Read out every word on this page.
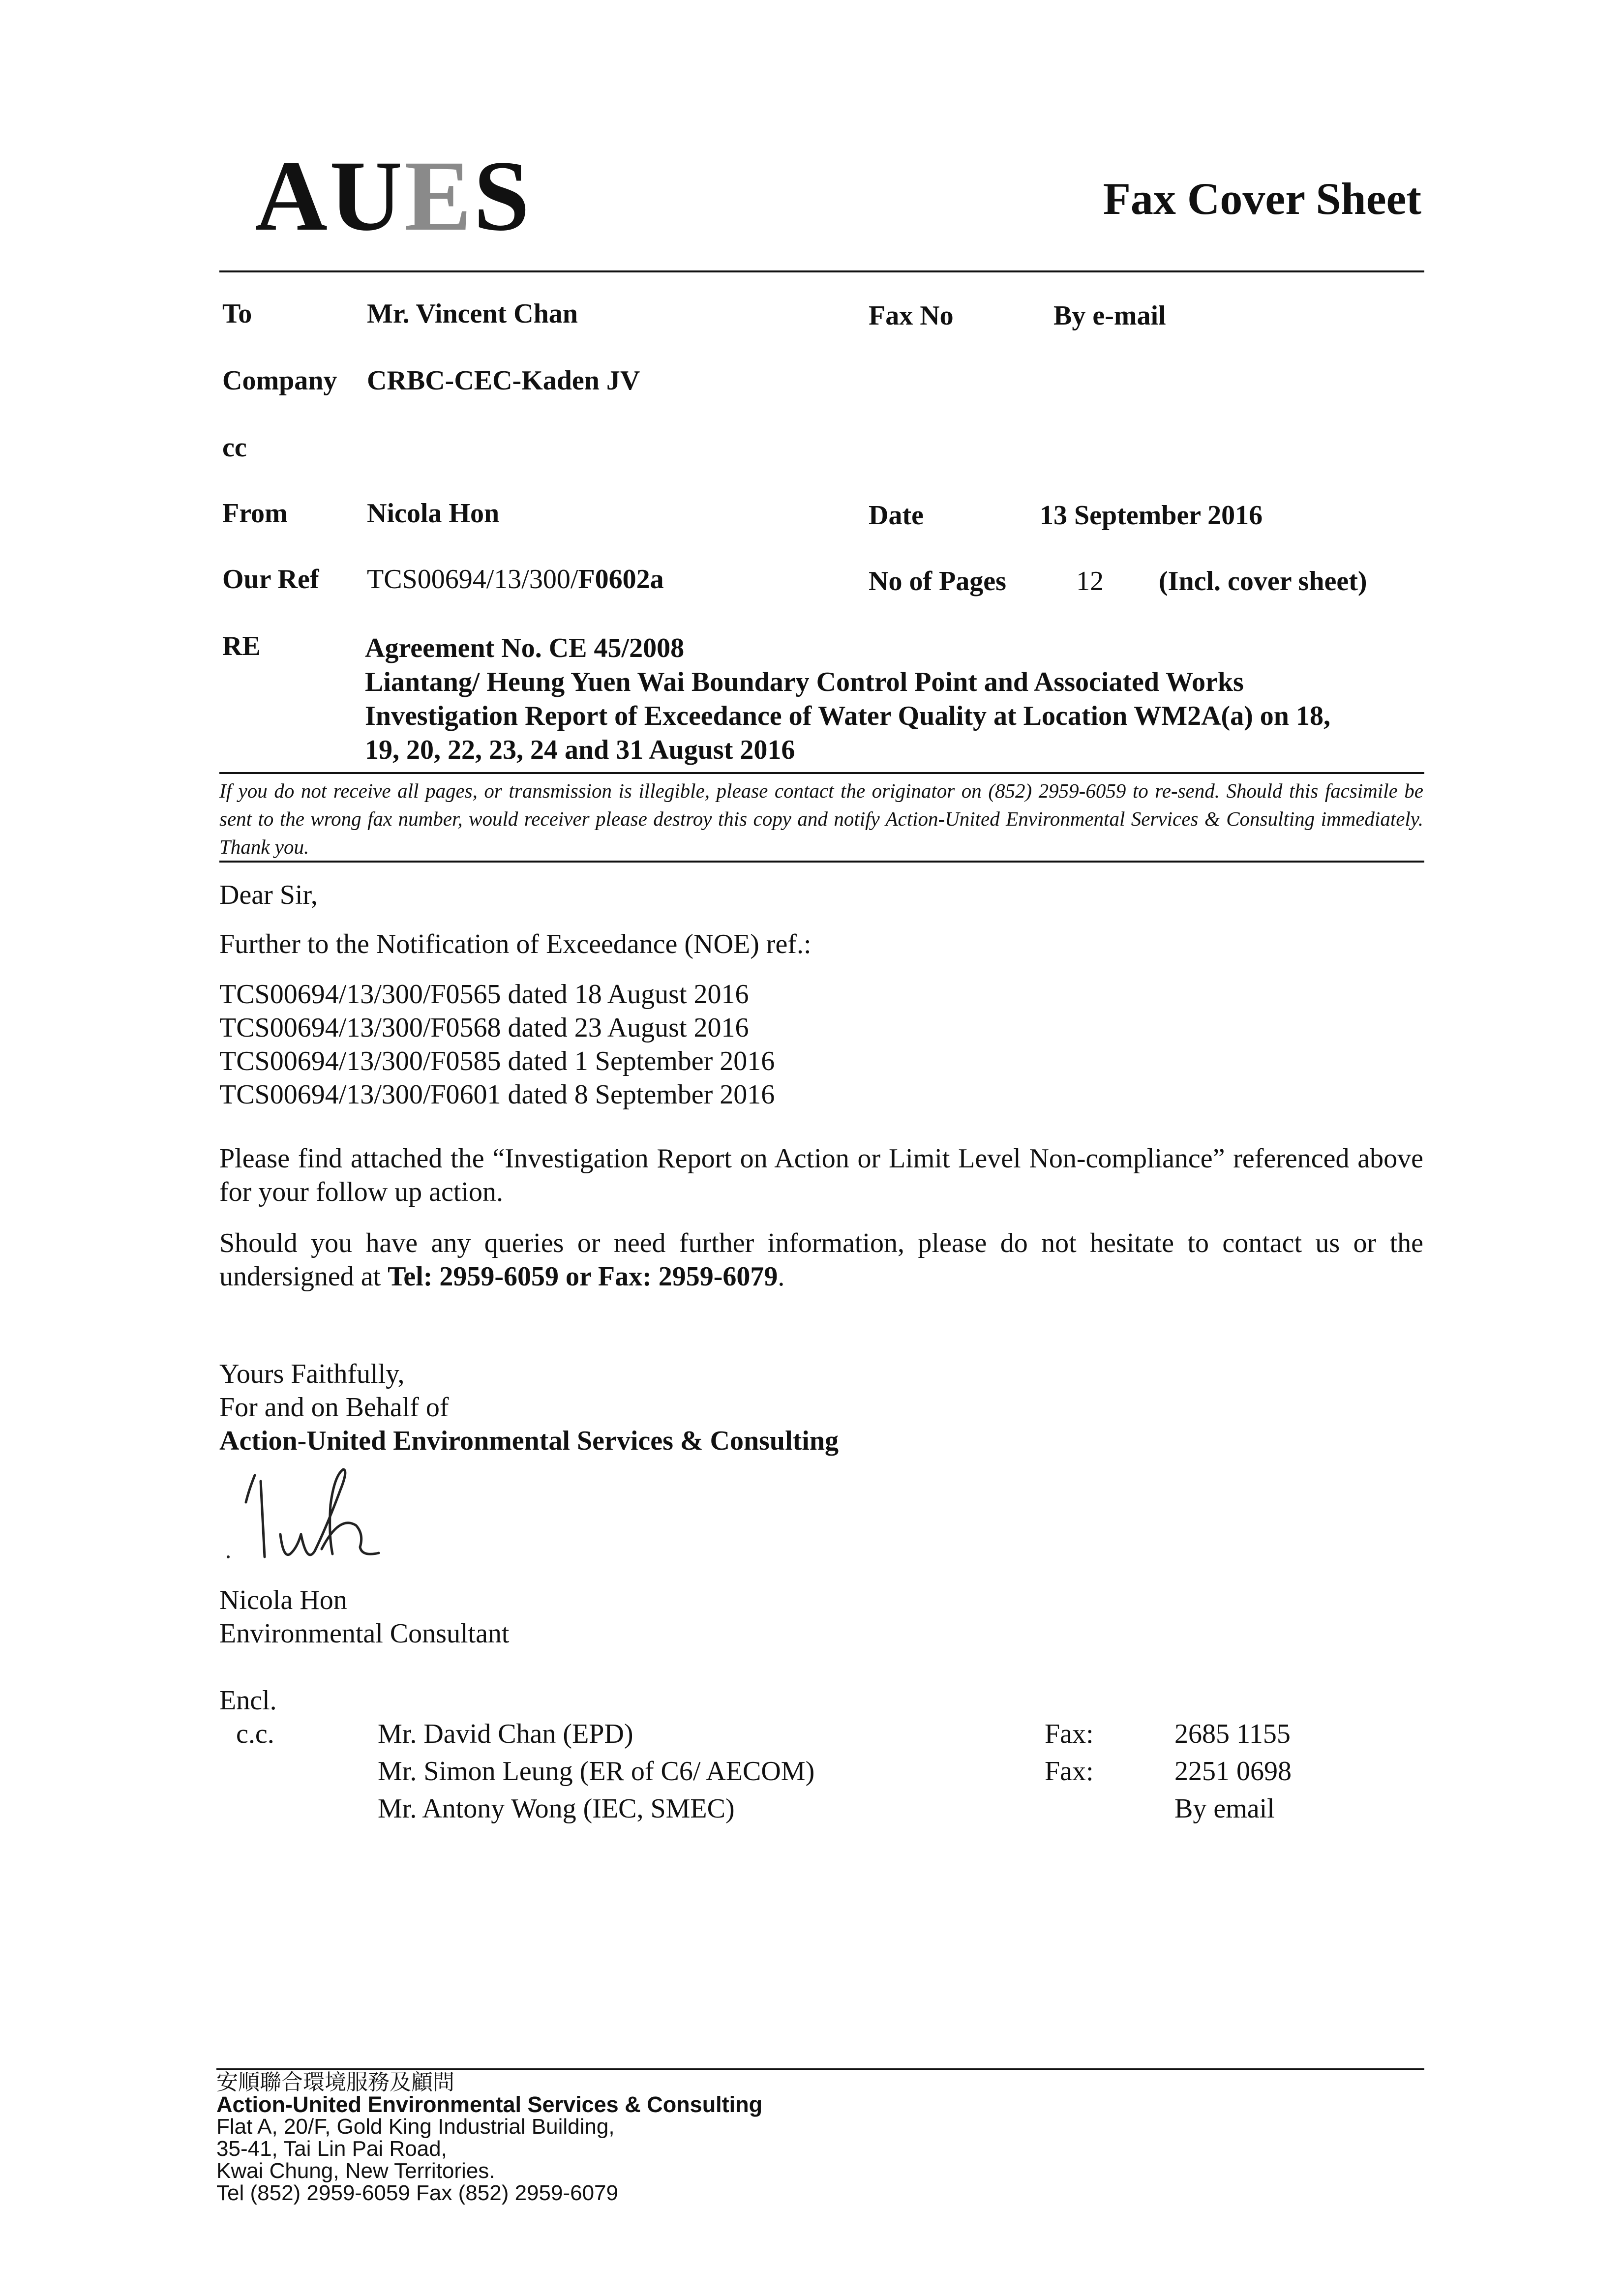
AUES	Fax Cover Sheet
To	Mr. Vincent Chan	Fax No	By e-mail
Company CRBC-CEC-Kaden JV
cc
From	Nicola Hon	Date	13 September 2016
Our Ref TCS00694/13/300/F0602a	No of Pages	12 (Incl. cover sheet)
RE	Agreement No. CE 45/2008
Liantang/ Heung Yuen Wai Boundary Control Point and Associated Works
Investigation Report of Exceedance of Water Quality at Location WM2A(a) on 18,
19, 20, 22, 23, 24 and 31 August 2016
If you do not receive all pages, or transmission is illegible, please contact the originator on (852) 2959-6059 to re-send. Should this facsimile be sent to the wrong fax number, would receiver please destroy this copy and notify Action-United Environmental Services & Consulting immediately. Thank you.
Dear Sir,
Further to the Notification of Exceedance (NOE) ref.:
TCS00694/13/300/F0565 dated 18 August 2016
TCS00694/13/300/F0568 dated 23 August 2016
TCS00694/13/300/F0585 dated 1 September 2016
TCS00694/13/300/F0601 dated 8 September 2016
Please find attached the “Investigation Report on Action or Limit Level Non-compliance” referenced above for your follow up action.
Should you have any queries or need further information, please do not hesitate to contact us or the undersigned at Tel: 2959-6059 or Fax: 2959-6079.
Yours Faithfully,
For and on Behalf of
Action-United Environmental Services & Consulting
Nicola Hon
Environmental Consultant
Encl.
c.c.	Mr. David Chan (EPD)	Fax:	2685 1155
Mr. Simon Leung (ER of C6/ AECOM)	Fax:	2251 0698
Mr. Antony Wong (IEC, SMEC)	By email
安順聯合環境服務及顧問
Action-United Environmental Services & Consulting
Flat A, 20/F, Gold King Industrial Building,
35-41, Tai Lin Pai Road,
Kwai Chung, New Territories.
Tel (852) 2959-6059 Fax (852) 2959-6079
